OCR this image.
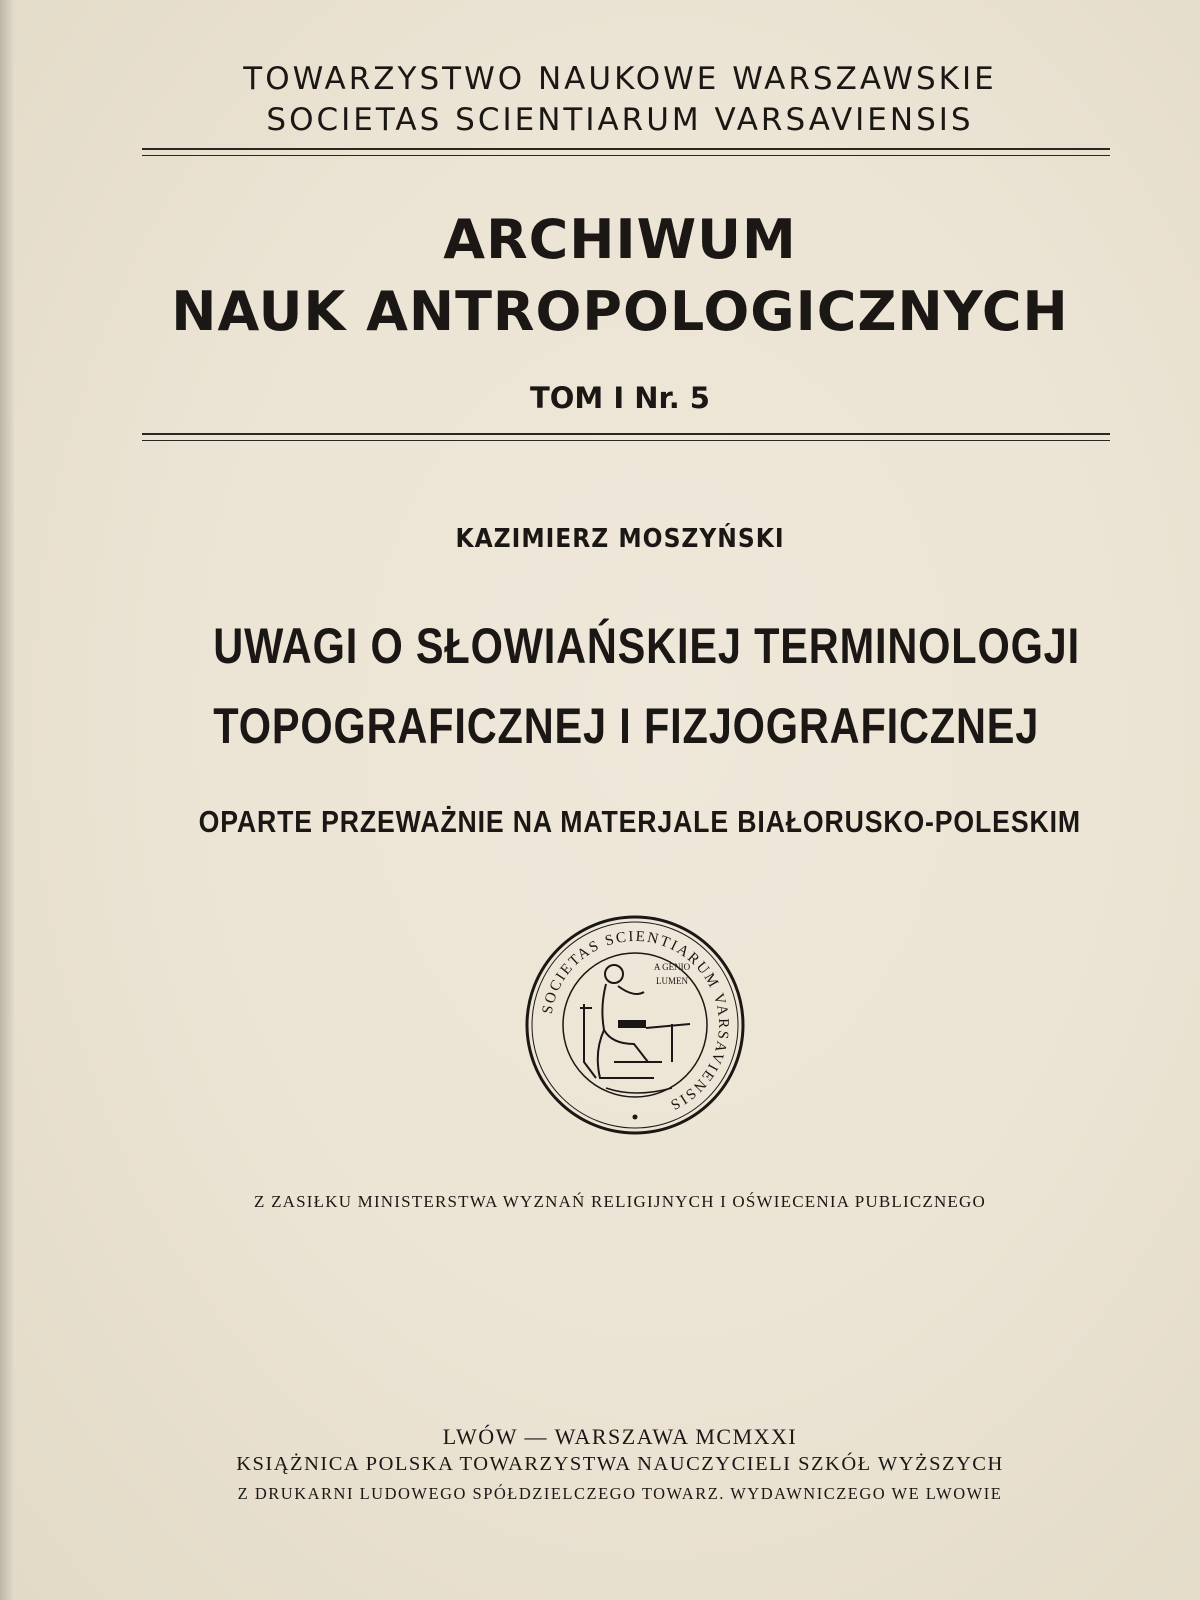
TOWARZYSTWO NAUKOWE WARSZAWSKIE
SOCIETAS SCIENTIARUM VARSAVIENSIS
ARCHIWUM
NAUK ANTROPOLOGICZNYCH
TOM I Nr. 5
KAZIMIERZ MOSZYŃSKI
UWAGI O SŁOWIAŃSKIEJ TERMINOLOGJI
TOPOGRAFICZNEJ I FIZJOGRAFICZNEJ
OPARTE PRZEWAŻNIE NA MATERJALE BIAŁORUSKO-POLESKIM
SOCIETAS SCIENTIARUM VARSAVIENSIS
A GENIO
LUMEN
Z ZASIŁKU MINISTERSTWA WYZNAŃ RELIGIJNYCH I OŚWIECENIA PUBLICZNEGO
LWÓW — WARSZAWA MCMXXI
KSIĄŻNICA POLSKA TOWARZYSTWA NAUCZYCIELI SZKÓŁ WYŻSZYCH
Z DRUKARNI LUDOWEGO SPÓŁDZIELCZEGO TOWARZ. WYDAWNICZEGO WE LWOWIE
